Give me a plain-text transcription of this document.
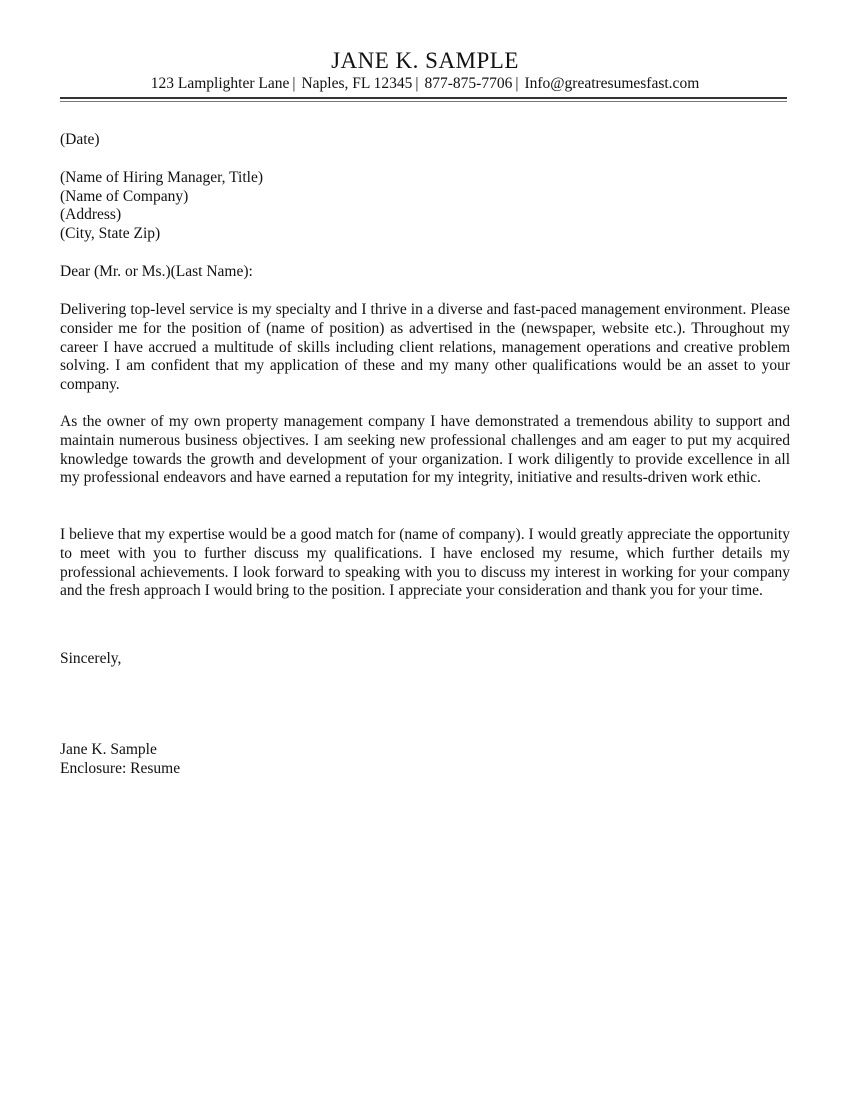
JANE K. SAMPLE
123 Lamplighter Lane | Naples, FL 12345 | 877-875-7706 | Info@greatresumesfast.com
(Date)
(Name of Hiring Manager, Title)
(Name of Company)
(Address)
(City, State Zip)
Dear (Mr. or Ms.)(Last Name):

Delivering top-level service is my specialty and I thrive in a diverse and fast-paced management environment. Please consider me for the position of (name of position) as advertised in the (newspaper, website etc.). Throughout my career I have accrued a multitude of skills including client relations, management operations and creative problem solving. I am confident that my application of these and my many other qualifications would be an asset to your company.

As the owner of my own property management company I have demonstrated a tremendous ability to support and maintain numerous business objectives. I am seeking new professional challenges and am eager to put my acquired knowledge towards the growth and development of your organization. I work diligently to provide excellence in all my professional endeavors and have earned a reputation for my integrity, initiative and results-driven work ethic.

I believe that my expertise would be a good match for (name of company). I would greatly appreciate the opportunity to meet with you to further discuss my qualifications. I have enclosed my resume, which further details my professional achievements. I look forward to speaking with you to discuss my interest in working for your company and the fresh approach I would bring to the position. I appreciate your consideration and thank you for your time.

Sincerely,
Jane K. Sample
Enclosure: Resume
